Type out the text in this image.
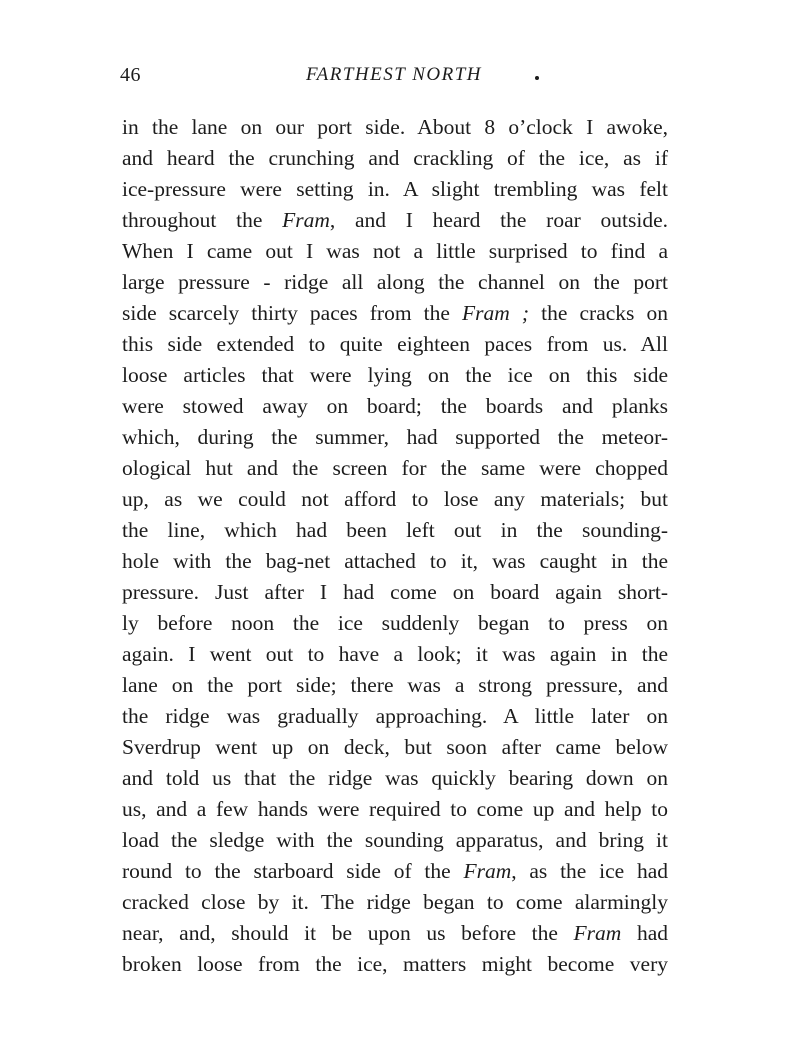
46	FARTHEST NORTH
in the lane on our port side. About 8 o’clock I awoke,
and heard the crunching and crackling of the ice, as if
ice-pressure were setting in. A slight trembling was felt
throughout the Fram, and I heard the roar outside.
When I came out I was not a little surprised to find a
large pressure - ridge all along the channel on the port
side scarcely thirty paces from the Fram ; the cracks on
this side extended to quite eighteen paces from us. All
loose articles that were lying on the ice on this side
were stowed away on board; the boards and planks
which, during the summer, had supported the meteor-
ological hut and the screen for the same were chopped
up, as we could not afford to lose any materials; but
the line, which had been left out in the sounding-
hole with the bag-net attached to it, was caught in the
pressure. Just after I had come on board again short-
ly before noon the ice suddenly began to press on
again. I went out to have a look; it was again in the
lane on the port side; there was a strong pressure, and
the ridge was gradually approaching. A little later on
Sverdrup went up on deck, but soon after came below
and told us that the ridge was quickly bearing down on
us, and a few hands were required to come up and help to
load the sledge with the sounding apparatus, and bring it
round to the starboard side of the Fram, as the ice had
cracked close by it. The ridge began to come alarmingly
near, and, should it be upon us before the Fram had
broken loose from the ice, matters might become very
